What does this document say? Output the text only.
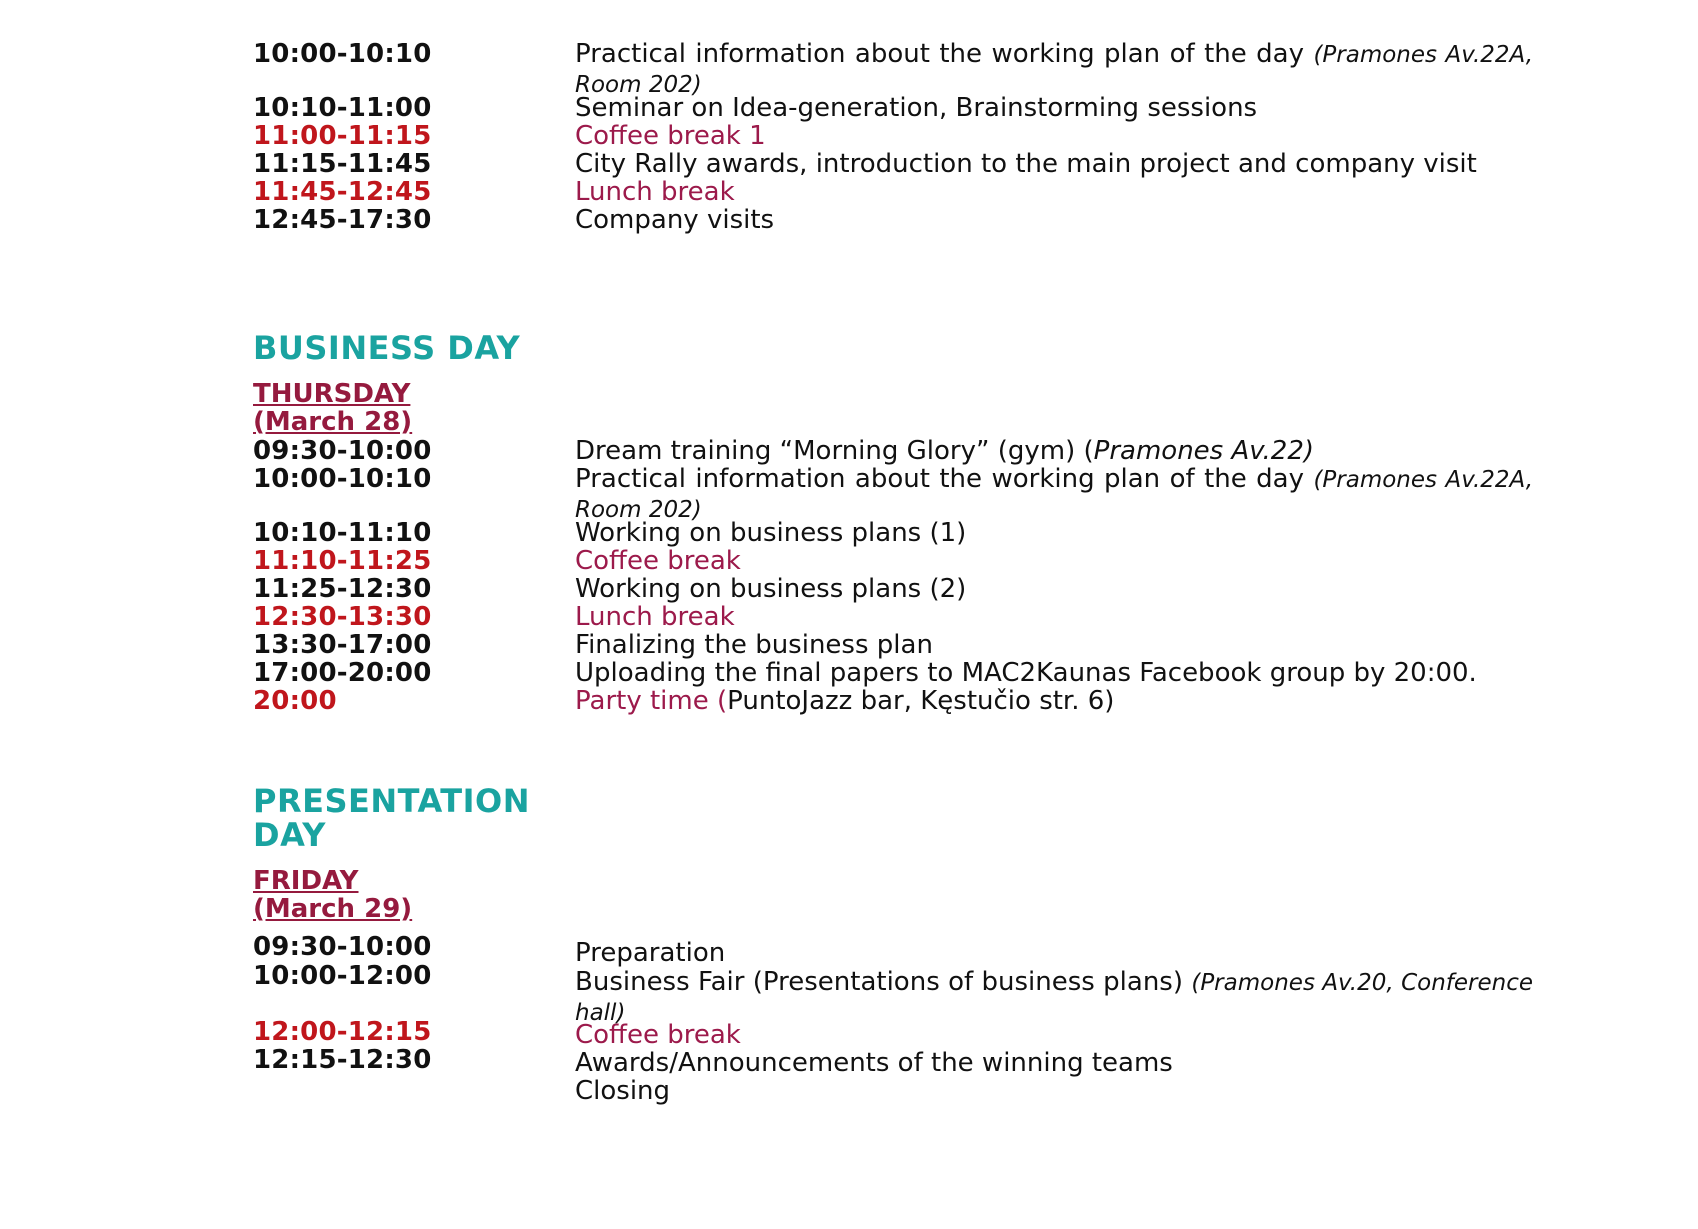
10:00-10:10	Practical information about the working plan of the day (Pramones Av.22A, Room 202)
10:10-11:00	Seminar on Idea-generation, Brainstorming sessions
11:00-11:15	Coffee break 1
11:15-11:45	City Rally awards, introduction to the main project and company visit
11:45-12:45	Lunch break
12:45-17:30	Company visits
BUSINESS DAY
THURSDAY
(March 28)
09:30-10:00	Dream training “Morning Glory” (gym) (Pramones Av.22)
10:00-10:10	Practical information about the working plan of the day (Pramones Av.22A, Room 202)
10:10-11:10	Working on business plans (1)
11:10-11:25	Coffee break
11:25-12:30	Working on business plans (2)
12:30-13:30	Lunch break
13:30-17:00	Finalizing the business plan
17:00-20:00	Uploading the final papers to MAC2Kaunas Facebook group by 20:00.
20:00	Party time (PuntoJazz bar, Kęstučio str. 6)
PRESENTATION
DAY
FRIDAY
(March 29)
09:30-10:00	Preparation
10:00-12:00	Business Fair (Presentations of business plans) (Pramones Av.20, Conference hall)
12:00-12:15	Coffee break
12:15-12:30	Awards/Announcements of the winning teams
Closing
